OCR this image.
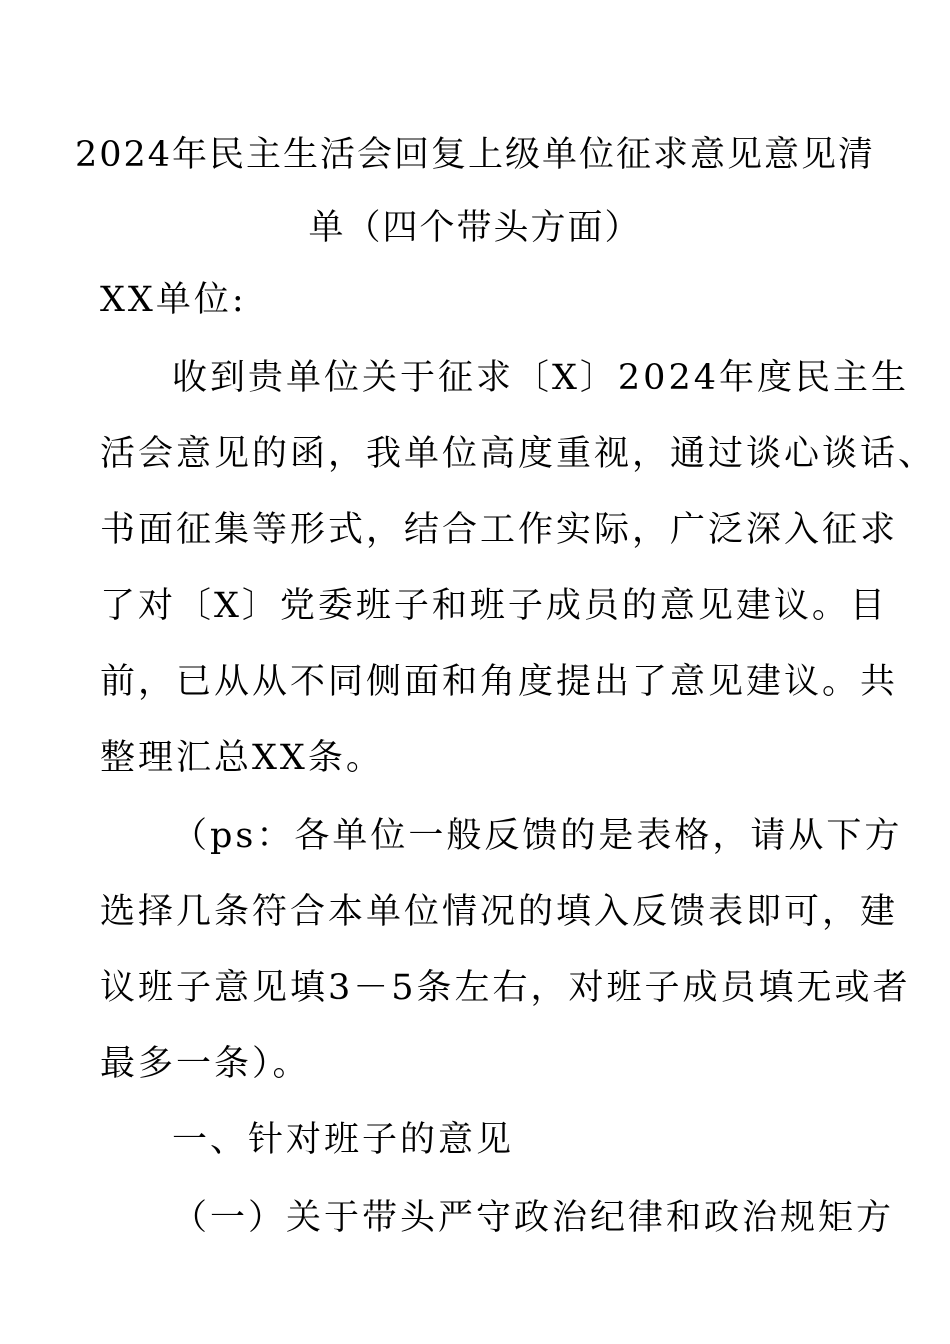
2024年民主生活会回复上级单位征求意见意见清
单（四个带头方面）
XX单位:
收到贵单位关于征求〔X〕2024年度民主生
活会意见的函，我单位高度重视，通过谈心谈话、
书面征集等形式，结合工作实际，广泛深入征求
了对〔X〕党委班子和班子成员的意见建议。目
前，已从从不同侧面和角度提出了意见建议。共
整理汇总XX条。
（ps：各单位一般反馈的是表格，请从下方
选择几条符合本单位情况的填入反馈表即可，建
议班子意见填3－5条左右，对班子成员填无或者
最多一条）。
一、针对班子的意见
（一）关于带头严守政治纪律和政治规矩方
